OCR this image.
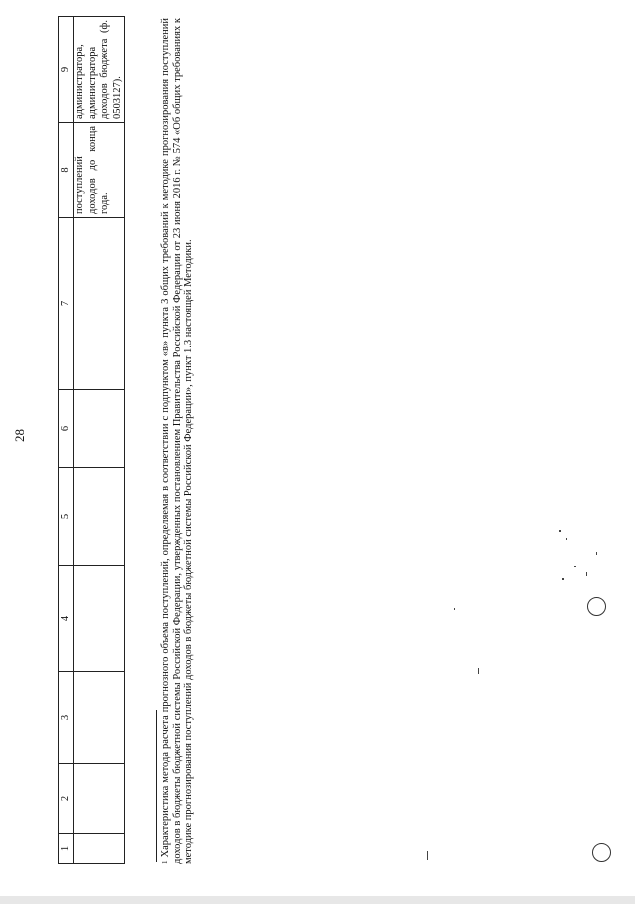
28
1	2	3	4	5	6	7	8	9
							поступлений доходов до конца года.	администратора, администратора доходов бюджета (ф. 0503127).
$^1$ Характеристика метода расчета прогнозного объема поступлений, определяемая в соответствии с подпунктом «в» пункта 3 общих требований к методике прогнозирования поступлений доходов в бюджеты бюджетной системы Российской Федерации, утвержденных постановлением Правительства Российской Федерации от 23 июня 2016 г. № 574 «Об общих требованиях к методике прогнозирования поступлений доходов в бюджеты бюджетной системы Российской Федерации», пункт 1.3 настоящей Методики.
